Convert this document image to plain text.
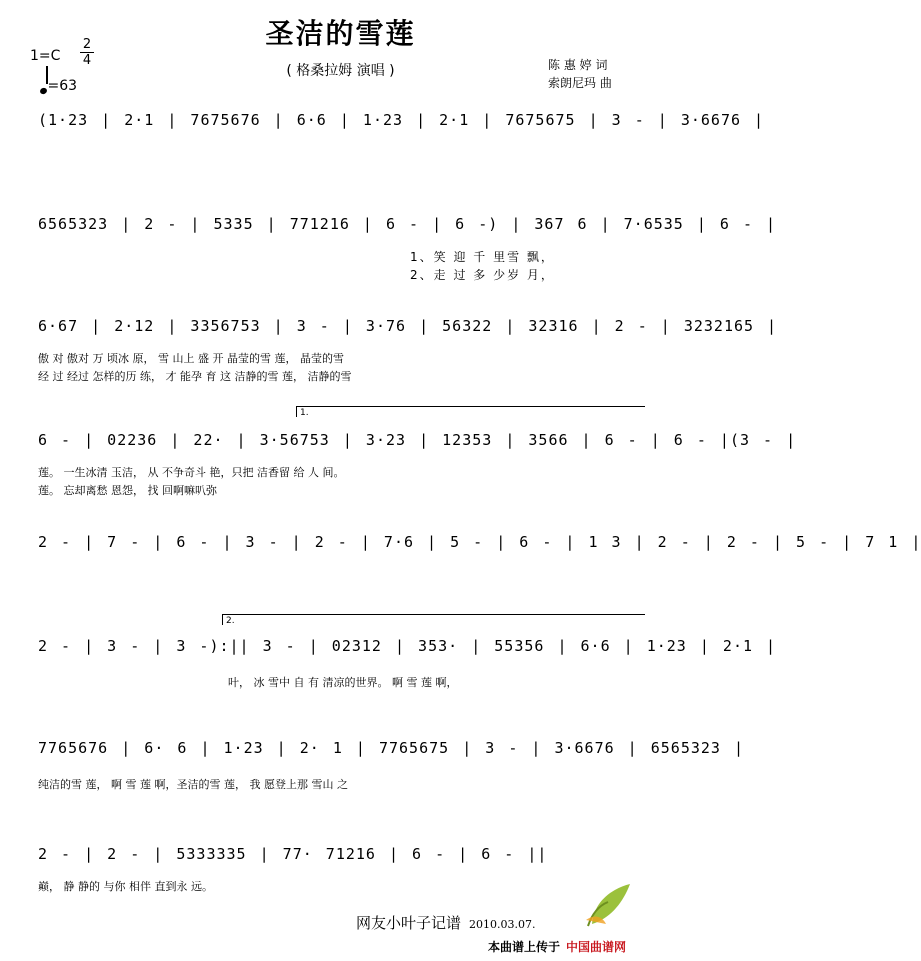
圣洁的雪莲
( 格桑拉姆 演唱 )
1=C
2
4
=63
陈 惠 婷 词
索朗尼玛 曲
(1·23 | 2·1 | 7675676 | 6·6 | 1·23 | 2·1 | 7675675 | 3 - | 3·6676 |
6565323 | 2 - | 5335 | 771216 | 6 - | 6 -) | 367 6 | 7·6535 | 6 - |
1、笑 迎 千 里雪 飘，
2、走 过 多 少岁 月，
6·67 | 2·12 | 3356753 | 3 - | 3·76 | 56322 | 32316 | 2 - | 3232165 |
傲 对 傲对 万 顷冰 原， 雪 山上 盛 开 晶莹的雪 莲， 晶莹的雪
经 过 经过 怎样的历 练， 才 能孕 育 这 洁静的雪 莲， 洁静的雪
1.
6 - | 02236 | 22· | 3·56753 | 3·23 | 12353 | 3566 | 6 - | 6 - |(3 - |
莲。 一生冰清 玉洁， 从 不争奇斗 艳，只把 洁香留 给 人 间。
莲。 忘却离愁 恩怨， 找 回啊嘛叭弥
2 - | 7 - | 6 - | 3 - | 2 - | 7·6 | 5 - | 6 - | 1 3 | 2 - | 2 - | 5 - | 7 1 |
2.
2 - | 3 - | 3 -):|| 3 - | 02312 | 353· | 55356 | 6·6 | 1·23 | 2·1 |
叶， 冰 雪中 自 有 清凉的世界。 啊 雪 莲 啊，
7765676 | 6· 6 | 1·23 | 2· 1 | 7765675 | 3 - | 3·6676 | 6565323 |
纯洁的雪 莲， 啊 雪 莲 啊，圣洁的雪 莲， 我 愿登上那 雪山 之
2 - | 2 - | 5333335 | 77· 71216 | 6 - | 6 - ||
巅， 静 静的 与你 相伴 直到永 远。
网友小叶子记谱 2010.03.07.
本曲谱上传于 中国曲谱网
